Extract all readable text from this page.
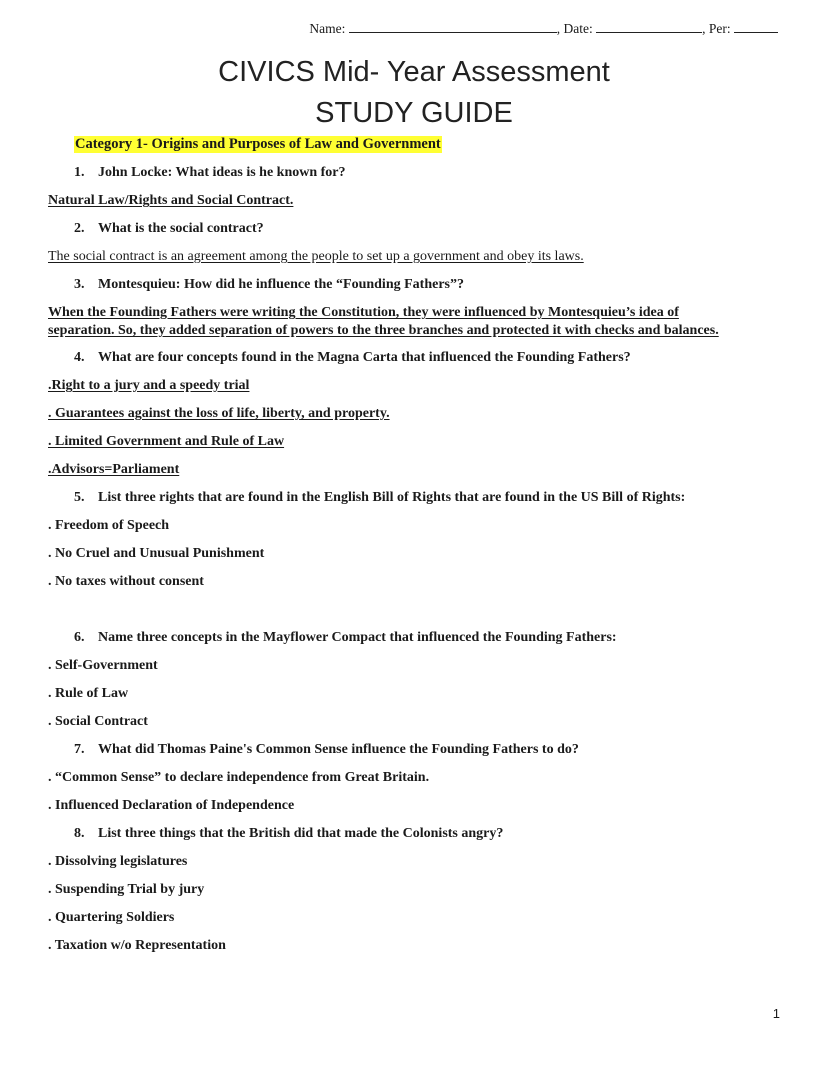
Name:	, Date:	, Per:
CIVICS Mid- Year Assessment
STUDY GUIDE
Category 1- Origins and Purposes of Law and Government
1. John Locke: What ideas is he known for?
Natural Law/Rights and Social Contract.
2. What is the social contract?
The social contract is an agreement among the people to set up a government and obey its laws.
3. Montesquieu: How did he influence the “Founding Fathers”?
When the Founding Fathers were writing the Constitution, they were influenced by Montesquieu’s idea of
separation. So, they added separation of powers to the three branches and protected it with checks and balances.
4. What are four concepts found in the Magna Carta that influenced the Founding Fathers?
.Right to a jury and a speedy trial
. Guarantees against the loss of life, liberty, and property.
. Limited Government and Rule of Law
.Advisors=Parliament
5. List three rights that are found in the English Bill of Rights that are found in the US Bill of Rights:
. Freedom of Speech
. No Cruel and Unusual Punishment
. No taxes without consent
6. Name three concepts in the Mayflower Compact that influenced the Founding Fathers:
. Self-Government
. Rule of Law
. Social Contract
7. What did Thomas Paine's Common Sense influence the Founding Fathers to do?
. “Common Sense” to declare independence from Great Britain.
. Influenced Declaration of Independence
8. List three things that the British did that made the Colonists angry?
. Dissolving legislatures
. Suspending Trial by jury
. Quartering Soldiers
. Taxation w/o Representation
1
